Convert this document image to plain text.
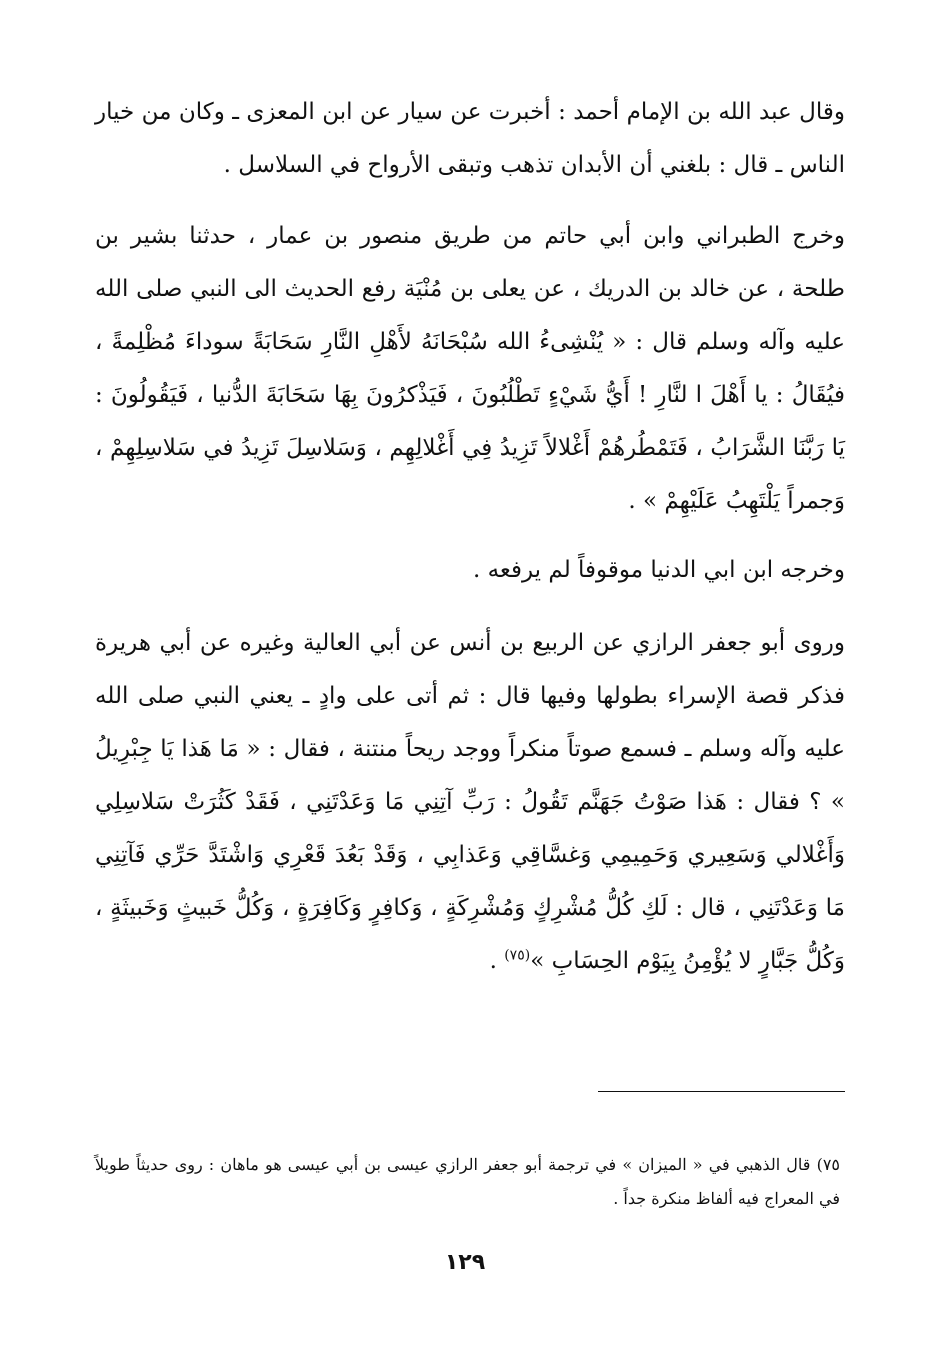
وقال عبد الله بن الإمام أحمد : أخبرت عن سيار عن ابن المعزى ـ وكان من خيار الناس ـ قال : بلغني أن الأبدان تذهب وتبقى الأرواح في السلاسل .

وخرج الطبراني وابن أبي حاتم من طريق منصور بن عمار ، حدثنا بشير بن طلحة ، عن خالد بن الدريك ، عن يعلى بن مُنْيَة رفع الحديث الى النبي صلى الله عليه وآله وسلم قال : « يُنْشِىءُ الله سُبْحَانَهُ لأَهْلِ النَّارِ سَحَابَةً سوداءَ مُظْلِمةً ، فيُقَالُ : يا أَهْلَ ا لنَّارِ ! أَيُّ شَيْءٍ تَطْلُبُونَ ، فَيَذْكرُونَ بِهَا سَحَابَةَ الدُّنيا ، فَيَقُولُونَ : يَا رَبَّنَا الشَّرَابُ ، فَتَمْطُرهُمْ أَغْلالاً تَزِيدُ فِي أَغْلالِهِم ، وَسَلاسِلَ تَزِيدُ في سَلاسِلِهِمْ ، وَجمراً يَلْتَهِبُ عَلَيْهِمْ » .

وخرجه ابن ابي الدنيا موقوفاً لم يرفعه .

وروى أبو جعفر الرازي عن الربيع بن أنس عن أبي العالية وغيره عن أبي هريرة فذكر قصة الإسراء بطولها وفيها قال : ثم أتى على وادٍ ـ يعني النبي صلى الله عليه وآله وسلم ـ فسمع صوتاً منكراً ووجد ريحاً منتنة ، فقال : « مَا هَذا يَا جِبْرِيلُ » ؟ فقال : هَذا صَوْتُ جَهَنَّم تَقُولُ : رَبِّ آتِنِي مَا وَعَدْتَنِي ، فَقَدْ كَثُرَتْ سَلاسِلِي وَأَغْلالي وَسَعِيري وَحَمِيمِي وَغسَّاقِي وَعَذابِي ، وَقَدْ بَعُدَ قَعْرِي وَاشْتَدَّ حَرِّي فَآتِنِي مَا وَعَدْتَنِي ، قال : لَكِ كُلُّ مُشْرِكٍ وَمُشْرِكَةٍ ، وَكافِرٍ وَكَافِرَةٍ ، وَكُلُّ خَبيثٍ وَخَبيثَةٍ ، وَكُلُّ جَبَّارٍ لا يُؤْمِنُ بِيَوْم الحِسَابِ »$^{(٧٥)}$ .

٧٥) قال الذهبي في « الميزان » في ترجمة أبو جعفر الرازي عيسى بن أبي عيسى هو ماهان : روى حديثاً طويلاً في المعراج فيه ألفاظ منكرة جداً .

١٢٩
